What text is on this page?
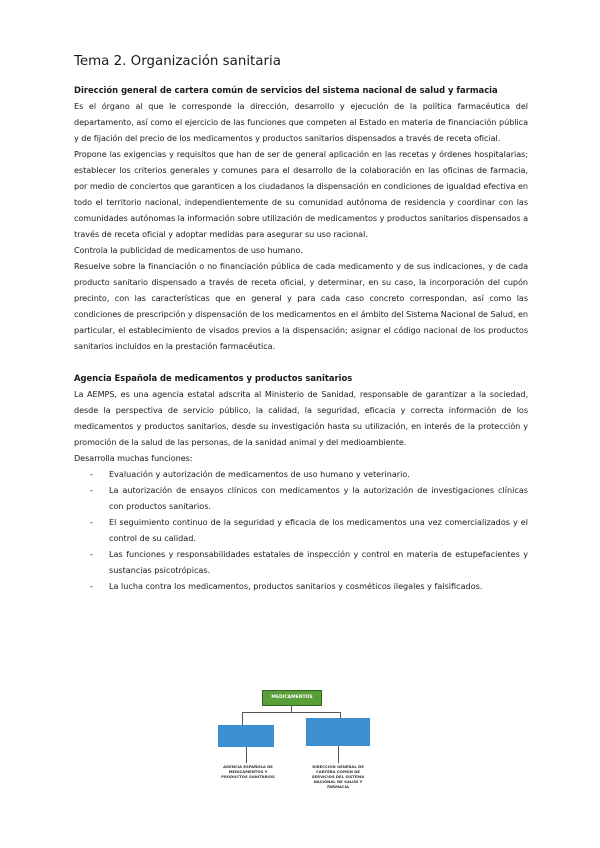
Tema 2. Organización sanitaria

Dirección general de cartera común de servicios del sistema nacional de salud y farmacia

Es el órgano al que le corresponde la dirección, desarrollo y ejecución de la política farmacéutica del departamento, así como el ejercicio de las funciones que competen al Estado en materia de financiación pública y de fijación del precio de los medicamentos y productos sanitarios dispensados a través de receta oficial.

Propone las exigencias y requisitos que han de ser de general aplicación en las recetas y órdenes hospitalarias; establecer los criterios generales y comunes para el desarrollo de la colaboración en las oficinas de farmacia, por medio de conciertos que garanticen a los ciudadanos la dispensación en condiciones de igualdad efectiva en todo el territorio nacional, independientemente de su comunidad autónoma de residencia y coordinar con las comunidades autónomas la información sobre utilización de medicamentos y productos sanitarios dispensados a través de receta oficial y adoptar medidas para asegurar su uso racional.

Controla la publicidad de medicamentos de uso humano.

Resuelve sobre la financiación o no financiación pública de cada medicamento y de sus indicaciones, y de cada producto sanitario dispensado a través de receta oficial, y determinar, en su caso, la incorporación del cupón precinto, con las características que en general y para cada caso concreto correspondan, así como las condiciones de prescripción y dispensación de los medicamentos en el ámbito del Sistema Nacional de Salud, en particular, el establecimiento de visados previos a la dispensación; asignar el código nacional de los productos sanitarios incluidos en la prestación farmacéutica.

Agencia Española de medicamentos y productos sanitarios

La AEMPS, es una agencia estatal adscrita al Ministerio de Sanidad, responsable de garantizar a la sociedad, desde la perspectiva de servicio público, la calidad, la seguridad, eficacia y correcta información de los medicamentos y productos sanitarios, desde su investigación hasta su utilización, en interés de la protección y promoción de la salud de las personas, de la sanidad animal y del medioambiente.

Desarrolla muchas funciones:

- Evaluación y autorización de medicamentos de uso humano y veterinario.
- La autorización de ensayos clínicos con medicamentos y la autorización de investigaciones clínicas con productos sanitarios.
- El seguimiento continuo de la seguridad y eficacia de los medicamentos una vez comercializados y el control de su calidad.
- Las funciones y responsabilidades estatales de inspección y control en materia de estupefacientes y sustancias psicotrópicas.
- La lucha contra los medicamentos, productos sanitarios y cosméticos ilegales y falsificados.
MEDICAMENTOS
AGENCIA ESPAÑOLA DE MEDICAMENTOS Y PRODUCTOS SANITARIOS
DIRECCIÓN GENERAL DE CARTERA COMÚN DE SERVICIOS DEL SISTEMA NACIONAL DE SALUD Y FARMACIA
